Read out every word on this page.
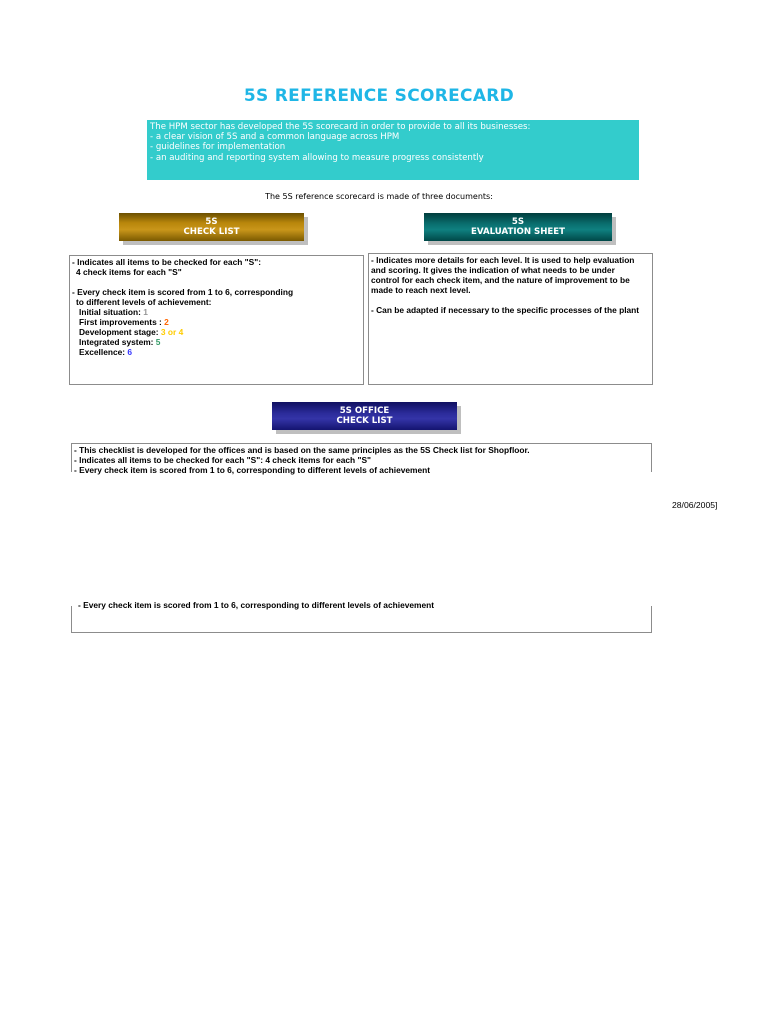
5S REFERENCE SCORECARD
The HPM sector has developed the 5S scorecard in order to provide to all its businesses:
- a clear vision of 5S and a common language across HPM
- guidelines for implementation
- an auditing and reporting system allowing to measure progress consistently
The 5S reference scorecard is made of three documents:
5S
CHECK LIST
5S
EVALUATION SHEET
- Indicates all items to be checked for each "S":
4 check items for each "S"
- Every check item is scored from 1 to 6, corresponding
to different levels of achievement:
Initial situation: 1
First improvements : 2
Development stage: 3 or 4
Integrated system: 5
Excellence: 6
- Indicates more details for each level. It is used to help evaluation
and scoring. It gives the indication of what needs to be under
control for each check item, and the nature of improvement to be
made to reach next level.
- Can be adapted if necessary to the specific processes of the plant
5S OFFICE
CHECK LIST
- This checklist is developed for the offices and is based on the same principles as the 5S Check list for Shopfloor.
- Indicates all items to be checked for each "S": 4 check items for each "S"
- Every check item is scored from 1 to 6, corresponding to different levels of achievement
28/06/2005]
- Every check item is scored from 1 to 6, corresponding to different levels of achievement
